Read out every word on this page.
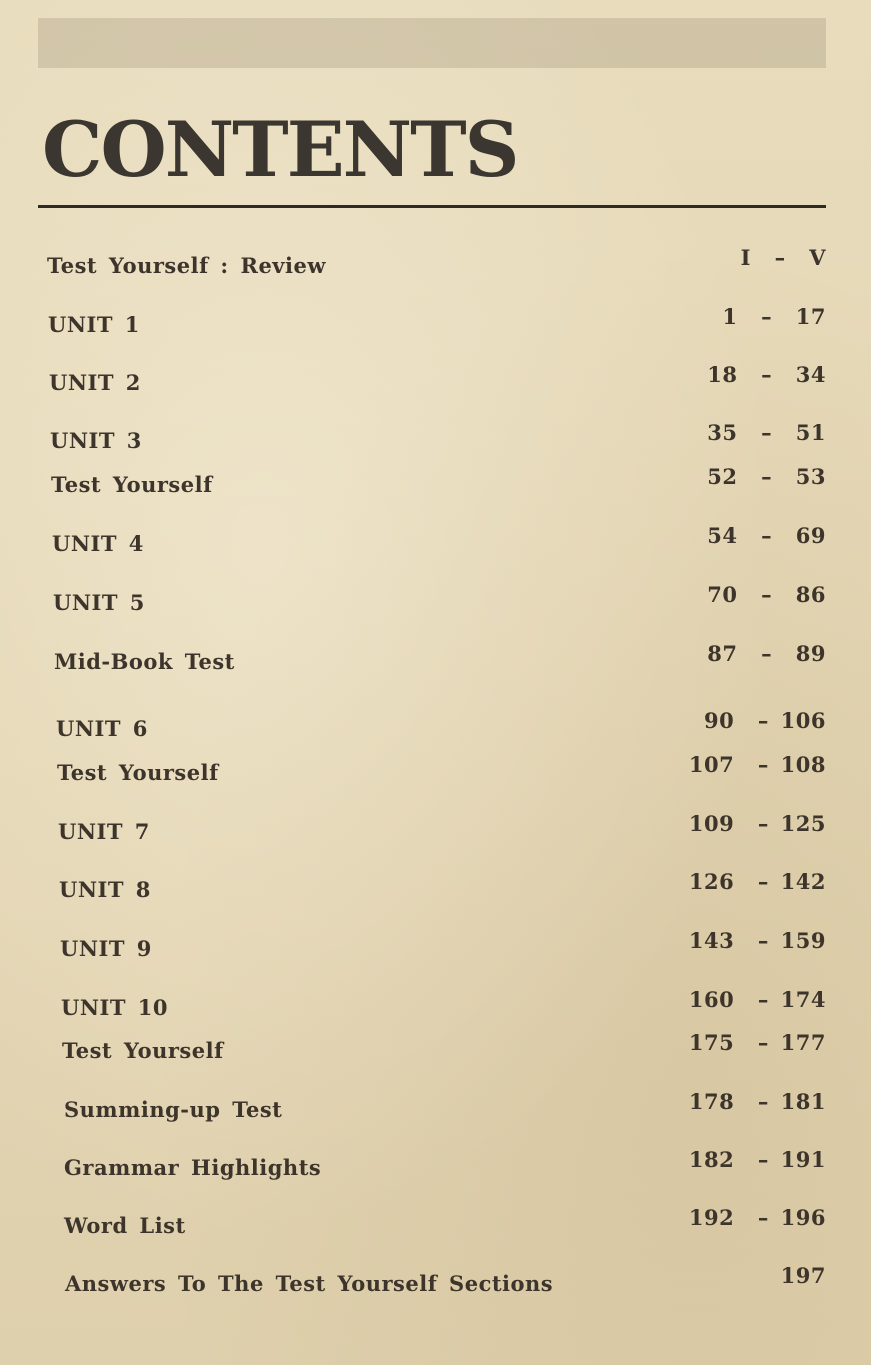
CONTENTS
Test Yourself : Review	I  –  V
UNIT 1	1  –  17
UNIT 2	18  –  34
UNIT 3	35  –  51
Test Yourself	52  –  53
UNIT 4	54  –  69
UNIT 5	70  –  86
Mid-Book Test	87  –  89
UNIT 6	90  – 106
Test Yourself	107  – 108
UNIT 7	109  – 125
UNIT 8	126  – 142
UNIT 9	143  – 159
UNIT 10	160  – 174
Test Yourself	175  – 177
Summing-up Test	178  – 181
Grammar Highlights	182  – 191
Word List	192  – 196
Answers To The Test Yourself Sections	197
